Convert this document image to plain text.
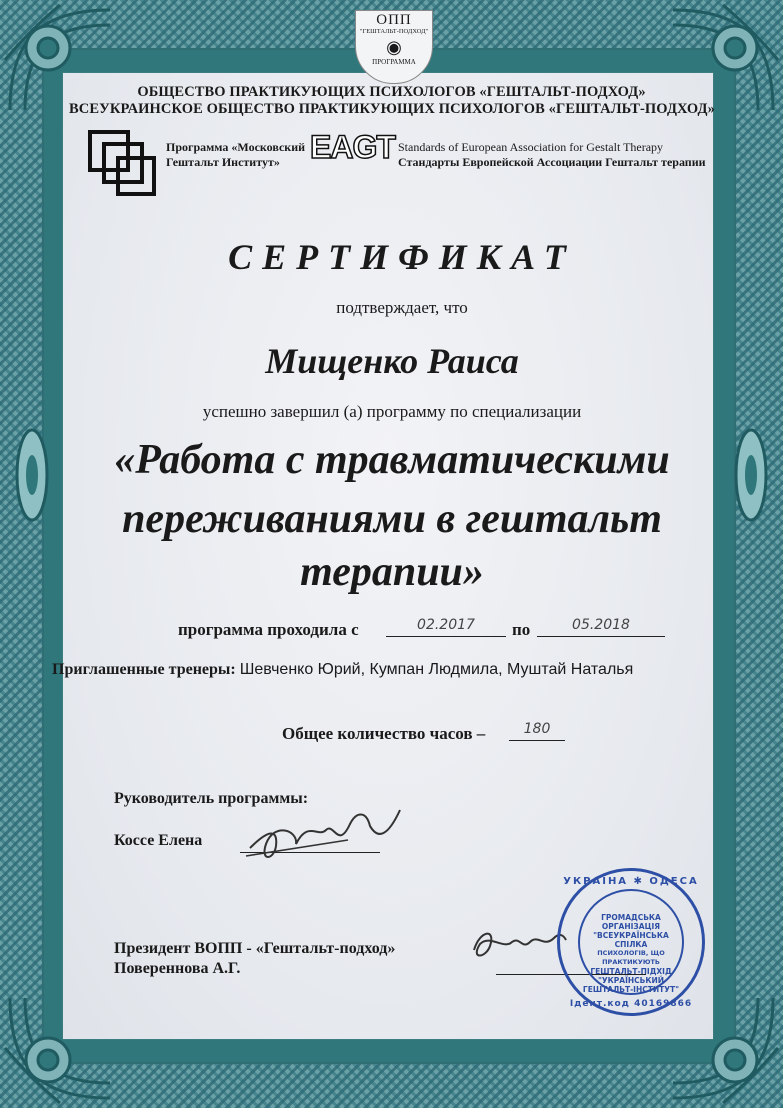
ОПП
"ГЕШТАЛЬТ-ПОДХОД"
◉
ПРОГРАММА
ОБЩЕСТВО ПРАКТИКУЮЩИХ ПСИХОЛОГОВ «ГЕШТАЛЬТ-ПОДХОД»
ВСЕУКРАИНСКОЕ ОБЩЕСТВО ПРАКТИКУЮЩИХ ПСИХОЛОГОВ «ГЕШТАЛЬТ-ПОДХОД»
Программа «Московский
Гештальт Институт» EAGT Standards of European Association for Gestalt Therapy
Стандарты Европейской Ассоциации Гештальт терапии
СЕРТИФИКАТ
подтверждает, что
Мищенко Раиса
успешно завершил (а) программу по специализации
«Работа с травматическими
переживаниями в гештальт
терапии»
программа проходила с	02.2017	по	05.2018
Приглашенные тренеры: Шевченко Юрий, Кумпан Людмила, Муштай Наталья
Общее количество часов –	180
Руководитель программы:
Коссе Елена
Президент ВОПП - «Гештальт-подход»
Поверенновa А.Г.
УКРАЇНА ✱ ОДЕСА
ГРОМАДСЬКА
ОРГАНІЗАЦІЯ
"ВСЕУКРАЇНСЬКА СПІЛКА
ПСИХОЛОГІВ, ЩО ПРАКТИКУЮТЬ
ГЕШТАЛЬТ-ПІДХІД
"УКРАЇНСЬКИЙ
ГЕШТАЛЬТ-ІНСТИТУТ"
Ідент.код 40169866
